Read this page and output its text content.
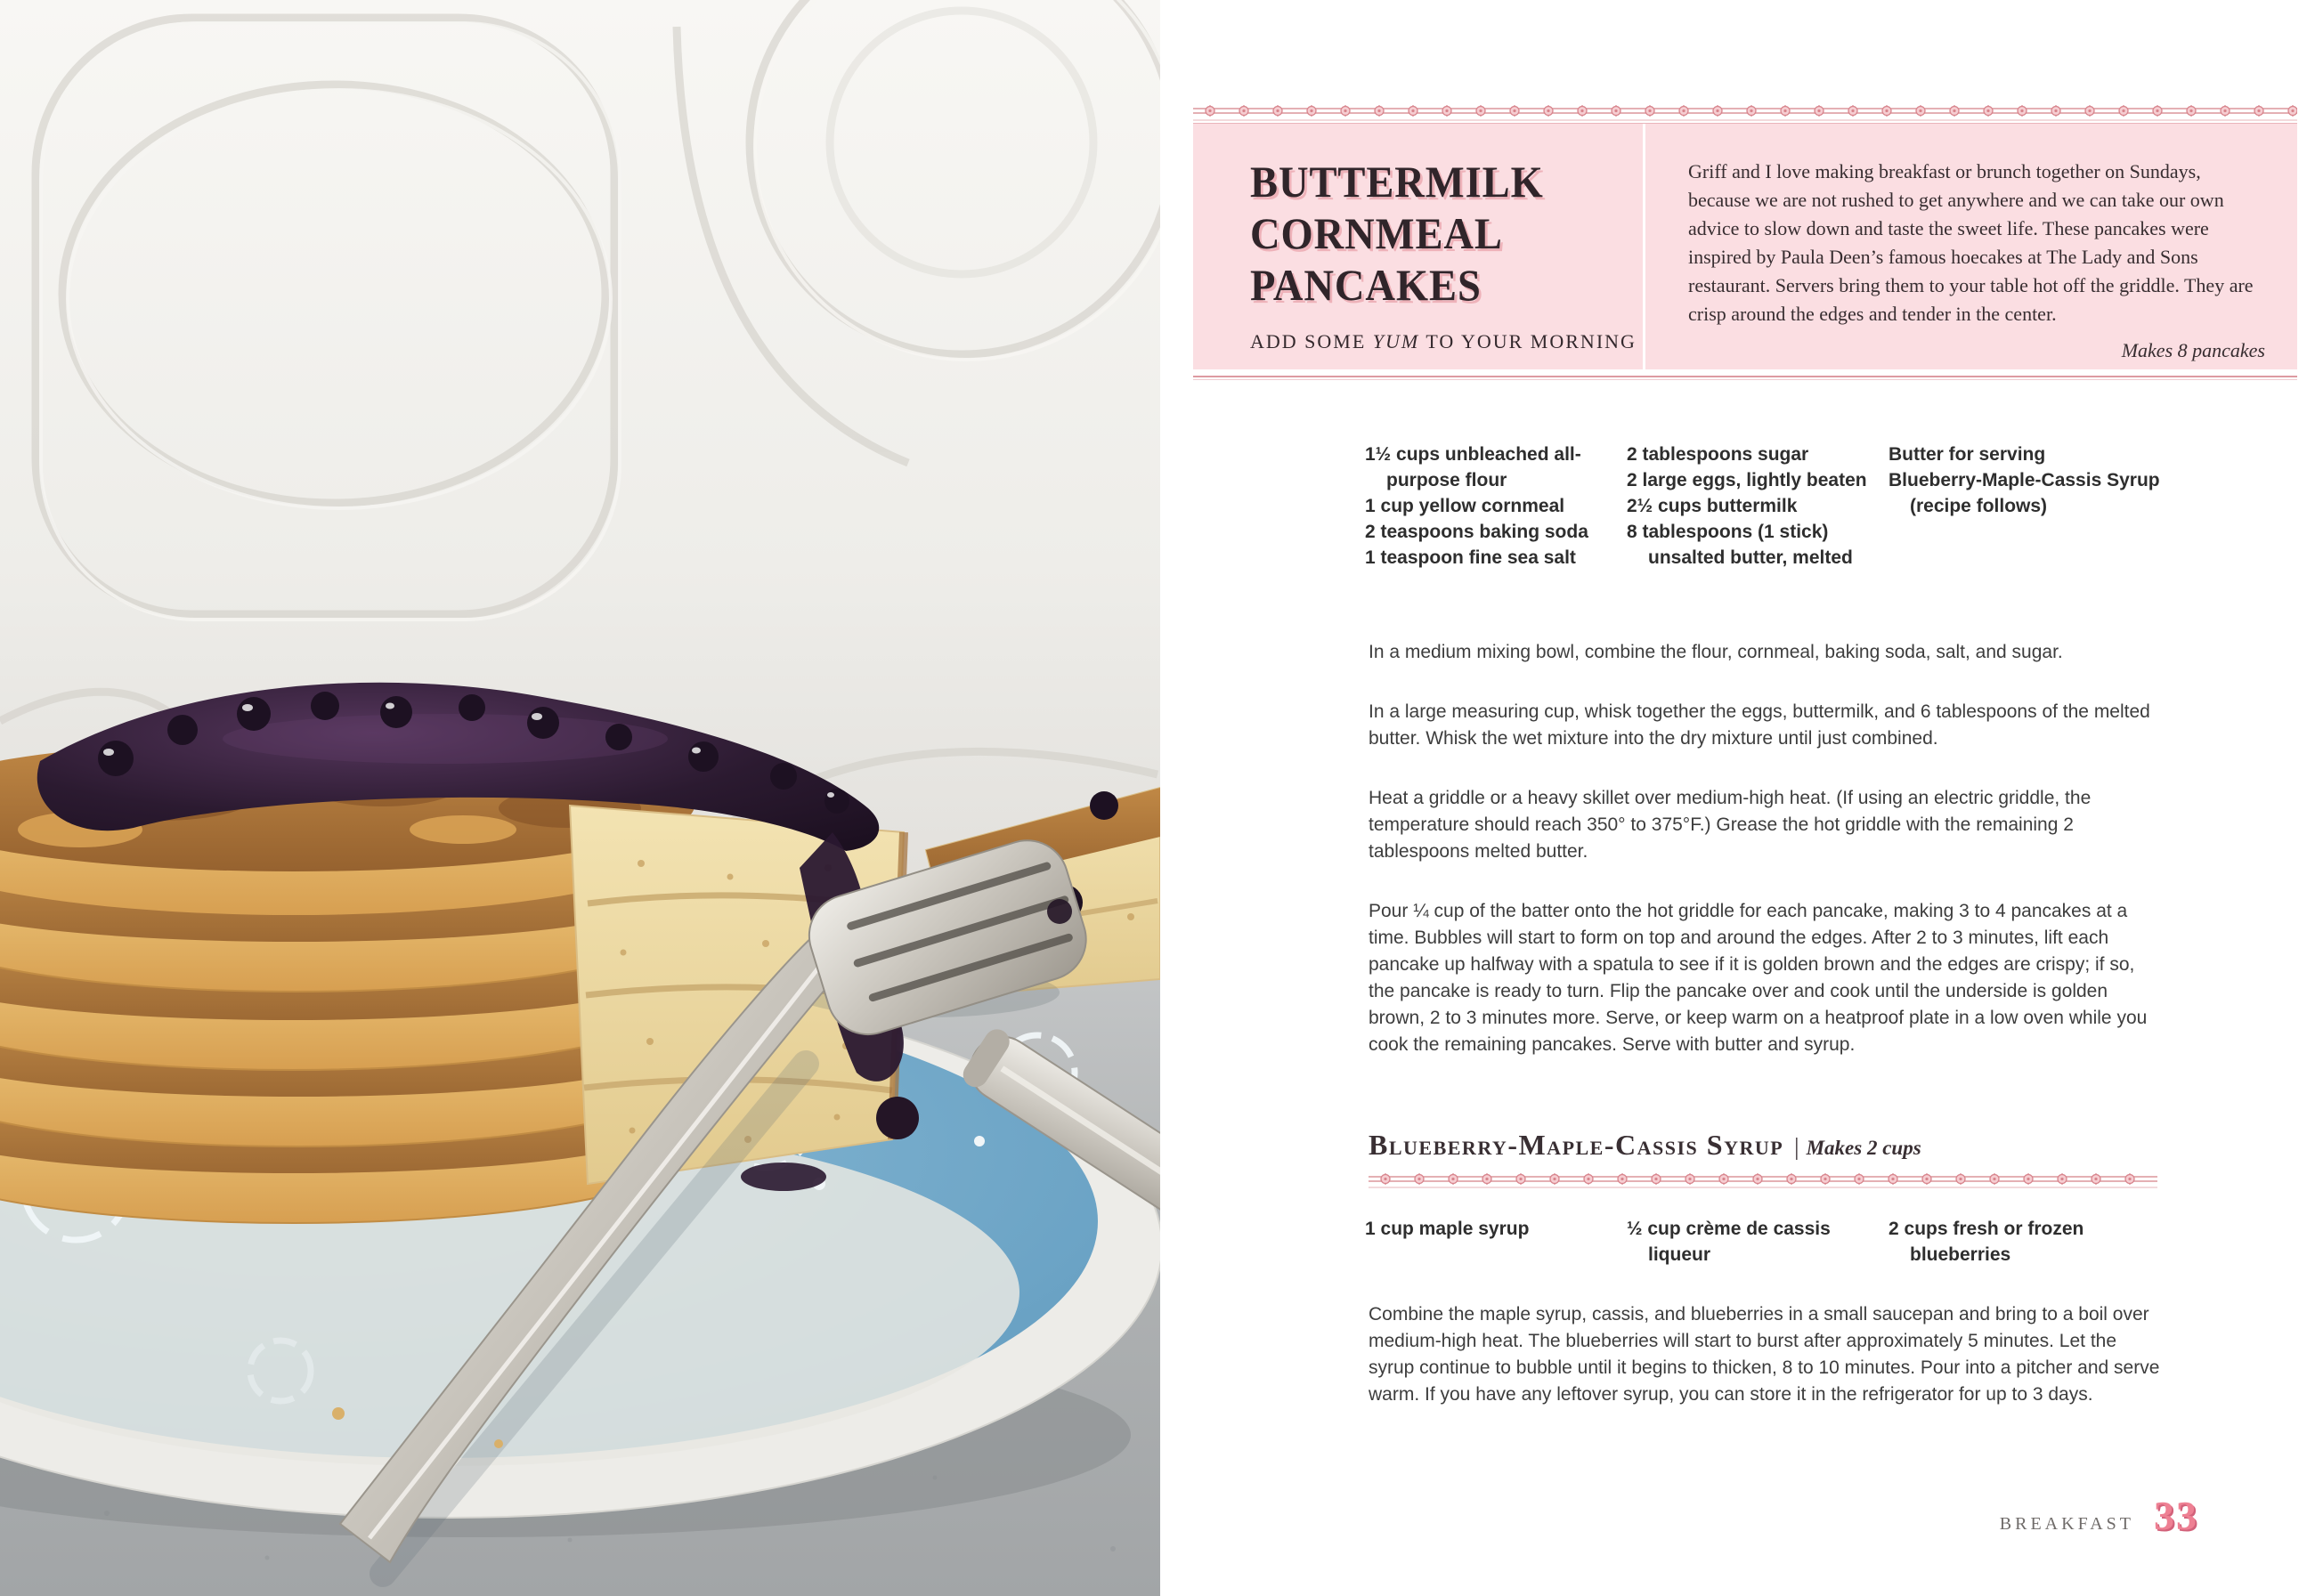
BUTTERMILK
CORNMEAL
PANCAKES
ADD SOME YUM TO YOUR MORNING

Griff and I love making breakfast or brunch together on Sundays, because we are not rushed to get anywhere and we can take our own advice to slow down and taste the sweet life. These pancakes were inspired by Paula Deen’s famous hoecakes at The Lady and Sons restaurant. Servers bring them to your table hot off the griddle. They are crisp around the edges and tender in the center.

Makes 8 pancakes

1½ cups unbleached all-purpose flour
1 cup yellow cornmeal
2 teaspoons baking soda
1 teaspoon fine sea salt
2 tablespoons sugar
2 large eggs, lightly beaten
2½ cups buttermilk
8 tablespoons (1 stick) unsalted butter, melted
Butter for serving
Blueberry-Maple-Cassis Syrup (recipe follows)

In a medium mixing bowl, combine the flour, cornmeal, baking soda, salt, and sugar.

In a large measuring cup, whisk together the eggs, buttermilk, and 6 tablespoons of the melted butter. Whisk the wet mixture into the dry mixture until just combined.

Heat a griddle or a heavy skillet over medium-high heat. (If using an electric griddle, the temperature should reach 350° to 375°F.) Grease the hot griddle with the remaining 2 tablespoons melted butter.

Pour ¼ cup of the batter onto the hot griddle for each pancake, making 3 to 4 pancakes at a time. Bubbles will start to form on top and around the edges. After 2 to 3 minutes, lift each pancake up halfway with a spatula to see if it is golden brown and the edges are crispy; if so, the pancake is ready to turn. Flip the pancake over and cook until the underside is golden brown, 2 to 3 minutes more. Serve, or keep warm on a heatproof plate in a low oven while you cook the remaining pancakes. Serve with butter and syrup.

Blueberry-Maple-Cassis Syrup | Makes 2 cups
1 cup maple syrup	½ cup crème de cassis liqueur
2 cups fresh or frozen blueberries

Combine the maple syrup, cassis, and blueberries in a small saucepan and bring to a boil over medium-high heat. The blueberries will start to burst after approximately 5 minutes. Let the syrup continue to bubble until it begins to thicken, 8 to 10 minutes. Pour into a pitcher and serve warm. If you have any leftover syrup, you can store it in the refrigerator for up to 3 days.

BREAKFAST 33
